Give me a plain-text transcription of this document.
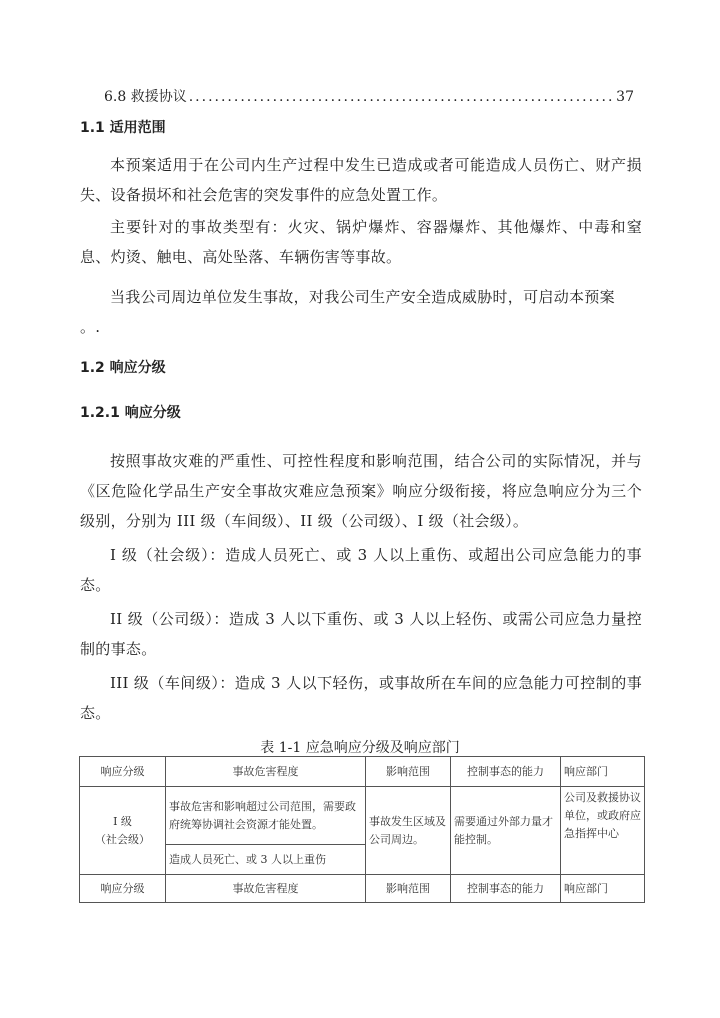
6.8 救援协议 .....	37
1.1 适用范围

本预案适用于在公司内生产过程中发生已造成或者可能造成人员伤亡、财产损失、设备损坏和社会危害的突发事件的应急处置工作。

主要针对的事故类型有：火灾、锅炉爆炸、容器爆炸、其他爆炸、中毒和窒息、灼烫、触电、高处坠落、车辆伤害等事故。

当我公司周边单位发生事故，对我公司生产安全造成威胁时，可启动本预案

。.

1.2 响应分级
1.2.1 响应分级

按照事故灾难的严重性、可控性程度和影响范围，结合公司的实际情况，并与《区危险化学品生产安全事故灾难应急预案》响应分级衔接，将应急响应分为三个级别，分别为 III 级（车间级）、II 级（公司级）、I 级（社会级）。

I 级（社会级）：造成人员死亡、或 3 人以上重伤、或超出公司应急能力的事态。

II 级（公司级）：造成 3 人以下重伤、或 3 人以上轻伤、或需公司应急力量控制的事态。

III 级（车间级）：造成 3 人以下轻伤，或事故所在车间的应急能力可控制的事态。

表 1-1 应急响应分级及响应部门
响应分级	事故危害程度	影响范围	控制事态的能力	响应部门

I 级
（社会级）	事故危害和影响超过公司范围，需要政府统筹协调社会资源才能处置。	事故发生区域及公司周边。	需要通过外部力量才能控制。	公司及救援协议单位，或政府应急指挥中心
	造成人员死亡、或 3 人以上重伤			
响应分级	事故危害程度	影响范围	控制事态的能力	响应部门
